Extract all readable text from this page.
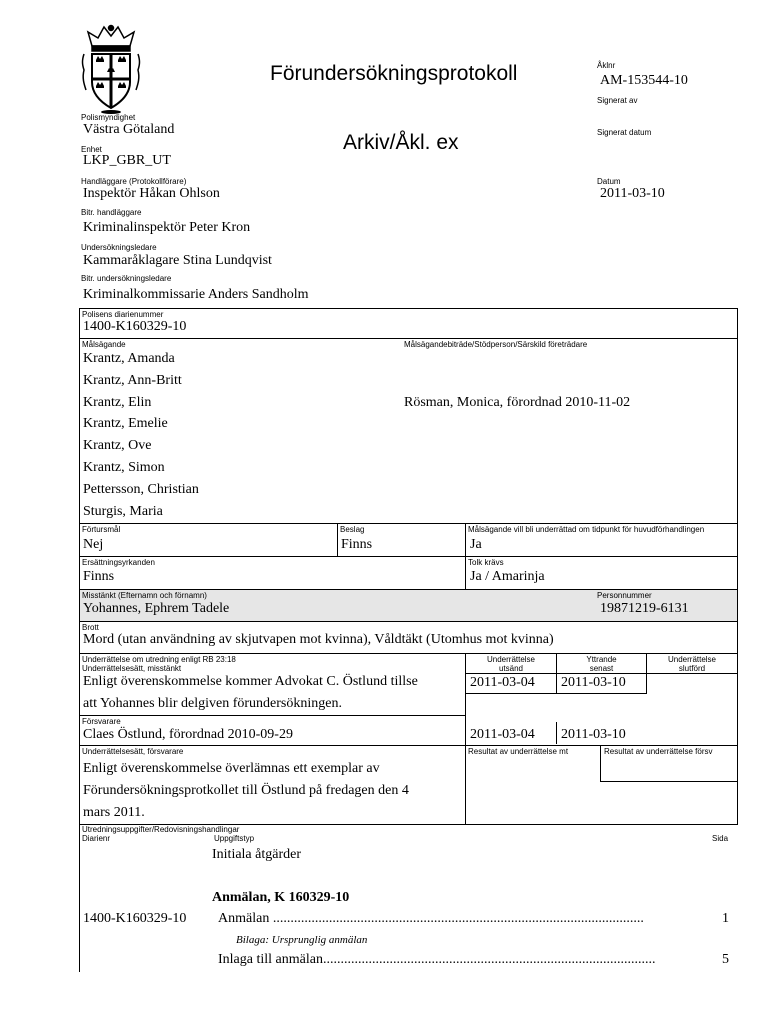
Förundersökningsprotokoll
Arkiv/Åkl. ex
Åklnr
AM-153544-10
Signerat av
Signerat datum
Datum
2011-03-10
Polismyndighet
Västra Götaland
Enhet
LKP_GBR_UT
Handläggare (Protokollförare)
Inspektör Håkan Ohlson
Bitr. handläggare
Kriminalinspektör Peter Kron
Undersökningsledare
Kammaråklagare Stina Lundqvist
Bitr. undersökningsledare
Kriminalkommissarie Anders Sandholm
Polisens diarienummer
1400-K160329-10
Målsägande	Målsägandebiträde/Stödperson/Särskild företrädare
Krantz, Amanda
Krantz, Ann-Britt
Krantz, Elin
Krantz, Emelie
Krantz, Ove
Krantz, Simon
Pettersson, Christian
Sturgis, Maria
Rösman, Monica, förordnad 2010-11-02
Förtursmål
Nej
Beslag
Finns
Målsägande vill bli underrättad om tidpunkt för huvudförhandlingen
Ja
Ersättningsyrkanden
Finns
Tolk krävs
Ja / Amarinja
Misstänkt (Efternamn och förnamn)
Yohannes, Ephrem Tadele
Personnummer
19871219-6131
Brott
Mord (utan användning av skjutvapen mot kvinna), Våldtäkt (Utomhus mot kvinna)
Underrättelse om utredning enligt RB 23:18
Underrättelsesätt, misstänkt
Underrättelse
utsänd
Yttrande
senast
Underrättelse
slutförd
Enligt överenskommelse kommer Advokat C. Östlund tillse
att Yohannes blir delgiven förundersökningen.
2011-03-04 2011-03-10
Försvarare
Claes Östlund, förordnad 2010-09-29	2011-03-04 2011-03-10
Underrättelsesätt, försvarare	Resultat av underrättelse mt	Resultat av underrättelse försv
Enligt överenskommelse överlämnas ett exemplar av
Förundersökningsprotkollet till Östlund på fredagen den 4
mars 2011.
Utredningsuppgifter/Redovisningshandlingar
Diarienr	Uppgiftstyp	Sida
Initiala åtgärder
Anmälan, K 160329-10
1400-K160329-10 Anmälan ..........................................................................................................	1
Bilaga: Ursprunglig anmälan
Inlaga till anmälan...............................................................................................	5
